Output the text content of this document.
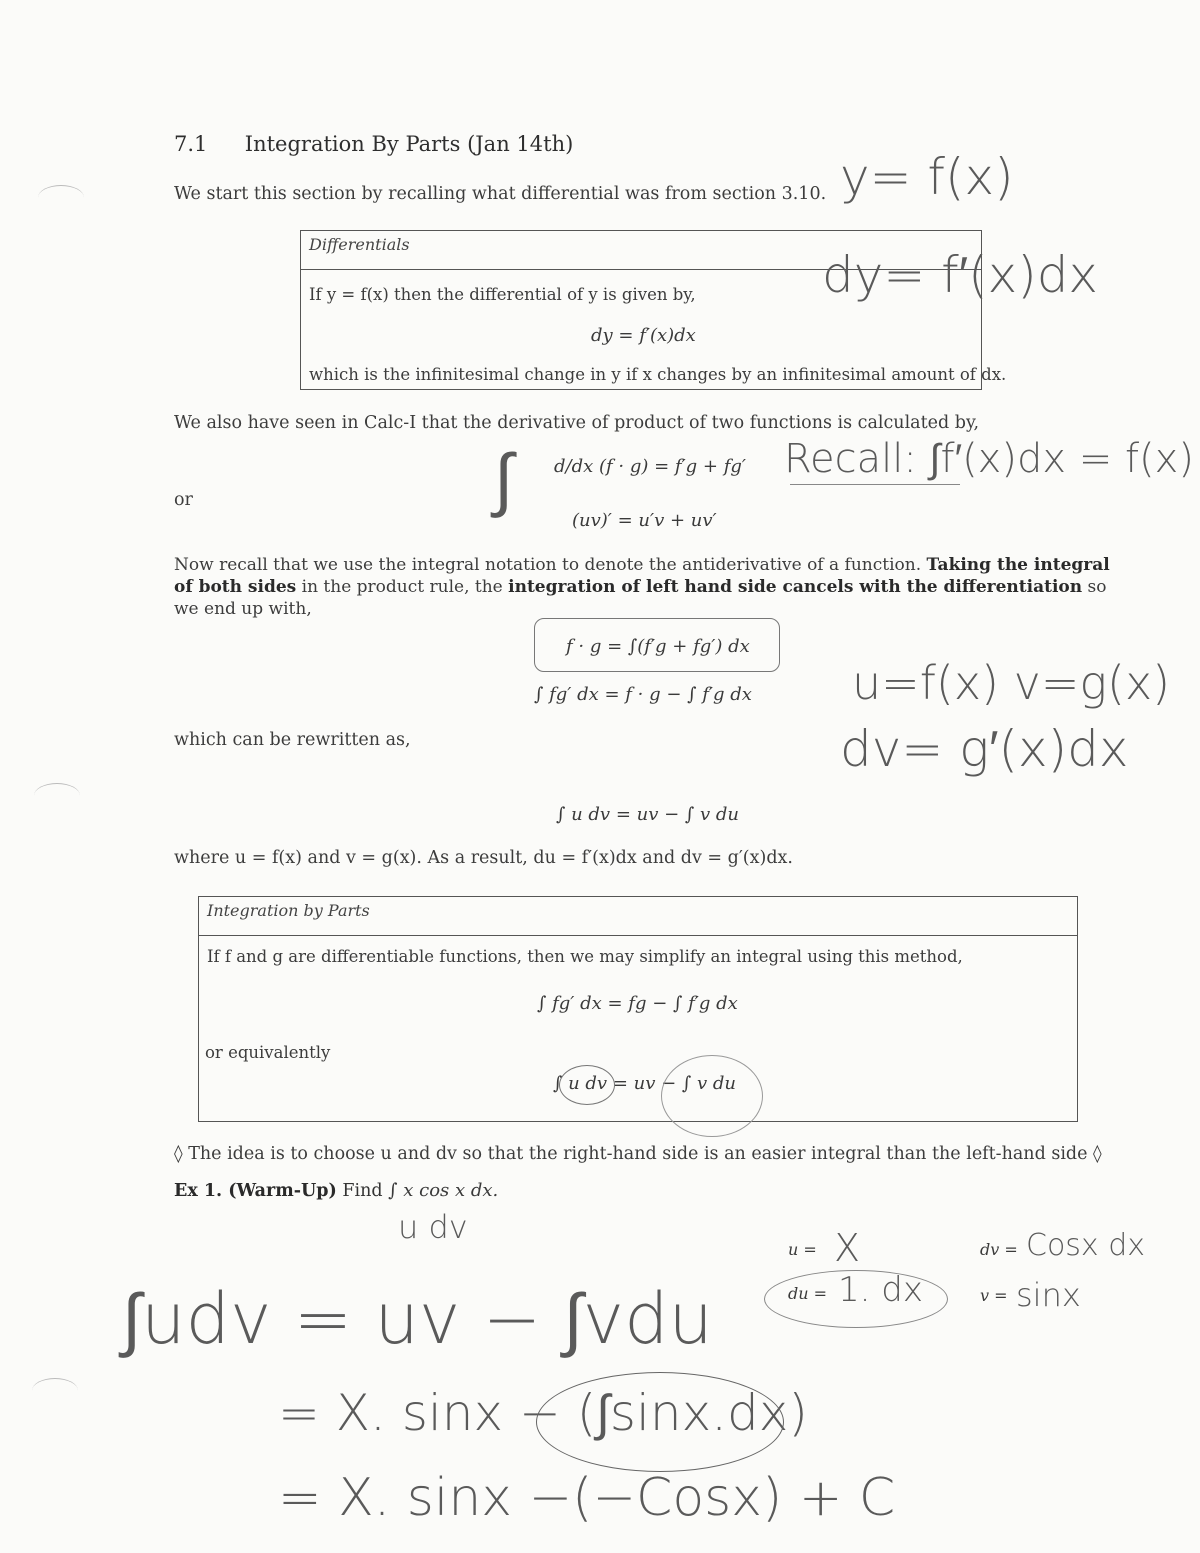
7.1 Integration By Parts (Jan 14th)
We start this section by recalling what differential was from section 3.10.
Differentials
If y = f(x) then the differential of y is given by,
dy = f′(x)dx
which is the infinitesimal change in y if x changes by an infinitesimal amount of dx.
y= f(x)
dy= f′(x)dx
We also have seen in Calc-I that the derivative of product of two functions is calculated by,
d/dx (f · g) = f′g + fg′
∫	Recall: ∫f′(x)dx = f(x)
or
(uv)′ = u′v + uv′
Now recall that we use the integral notation to denote the antiderivative of a function. Taking the integral of both sides in the product rule, the integration of left hand side cancels with the differentiation so we end up with,
f · g = ∫(f′g + fg′) dx
∫ fg′ dx = f · g − ∫ f′g dx
which can be rewritten as,
u=f(x) v=g(x)
dv= g′(x)dx
∫ u dv = uv − ∫ v du
where u = f(x) and v = g(x). As a result, du = f′(x)dx and dv = g′(x)dx.
Integration by Parts
If f and g are differentiable functions, then we may simplify an integral using this method,
∫ fg′ dx = fg − ∫ f′g dx
or equivalently
∫ u dv = uv − ∫ v du
◊ The idea is to choose u and dv so that the right-hand side is an easier integral than the left-hand side ◊
Ex 1. (Warm-Up) Find ∫ x cos x dx.
u dv
u = X	dv = Cosx dx
du = 1. dx	v = sinx
∫udv = uv − ∫vdu
= X. sinx − (∫sinx.dx)
= X. sinx −(−Cosx) + C
